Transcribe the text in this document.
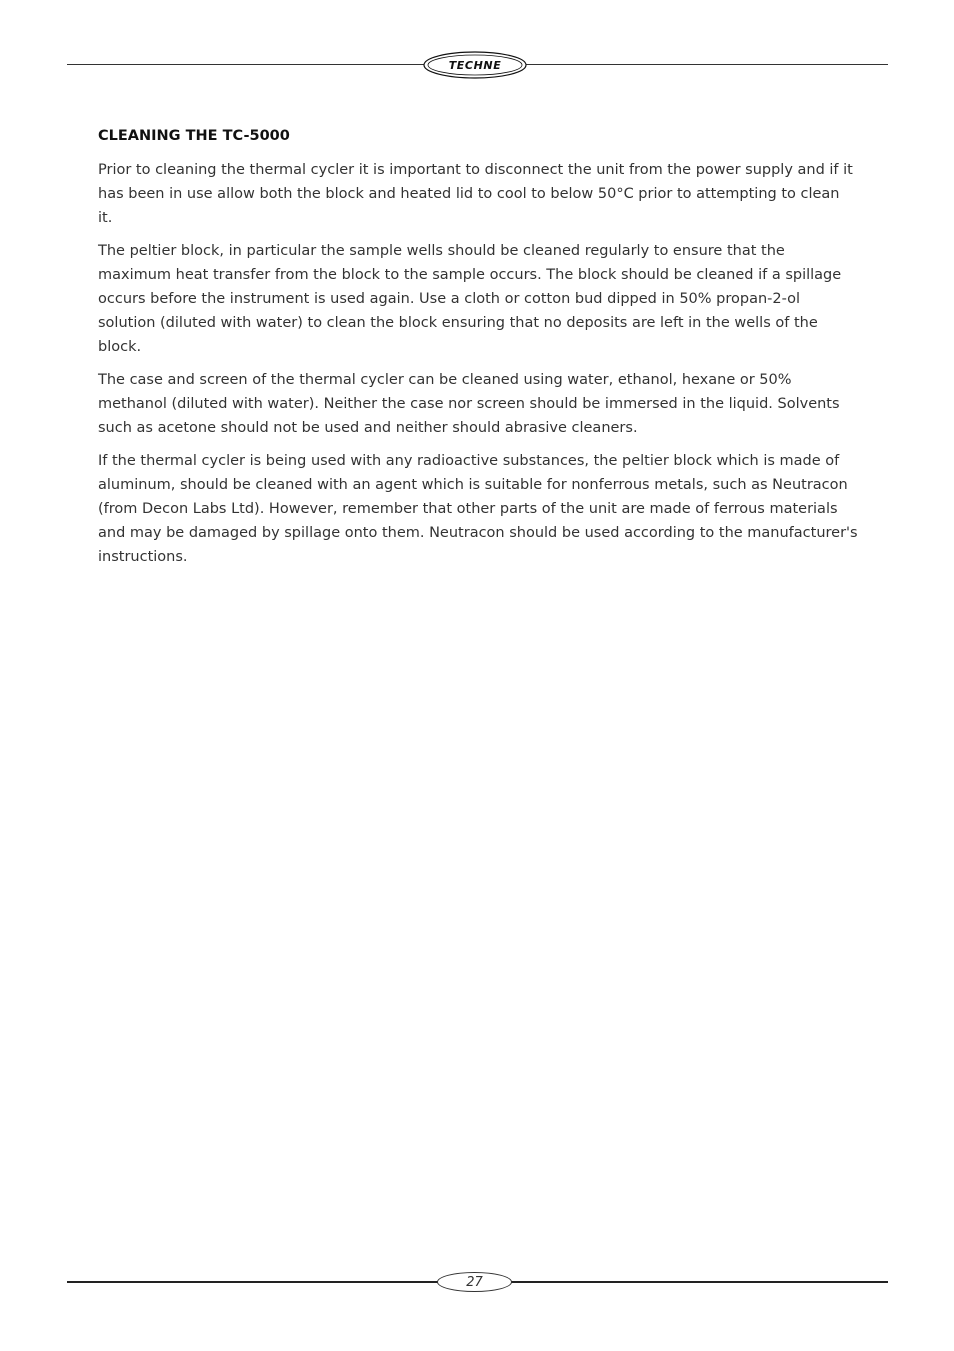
TECHNE
CLEANING THE TC-5000

Prior to cleaning the thermal cycler it is important to disconnect the unit from the power supply and if it has been in use allow both the block and heated lid to cool to below 50°C prior to attempting to clean it.

The peltier block, in particular the sample wells should be cleaned regularly to ensure that the maximum heat transfer from the block to the sample occurs. The block should be cleaned if a spillage occurs before the instrument is used again. Use a cloth or cotton bud dipped in 50% propan-2-ol solution (diluted with water) to clean the block ensuring that no deposits are left in the wells of the block.

The case and screen of the thermal cycler can be cleaned using water, ethanol, hexane or 50% methanol (diluted with water). Neither the case nor screen should be immersed in the liquid. Solvents such as acetone should not be used and neither should abrasive cleaners.

If the thermal cycler is being used with any radioactive substances, the peltier block which is made of aluminum, should be cleaned with an agent which is suitable for nonferrous metals, such as Neutracon (from Decon Labs Ltd). However, remember that other parts of the unit are made of ferrous materials and may be damaged by spillage onto them. Neutracon should be used according to the manufacturer's instructions.

27
